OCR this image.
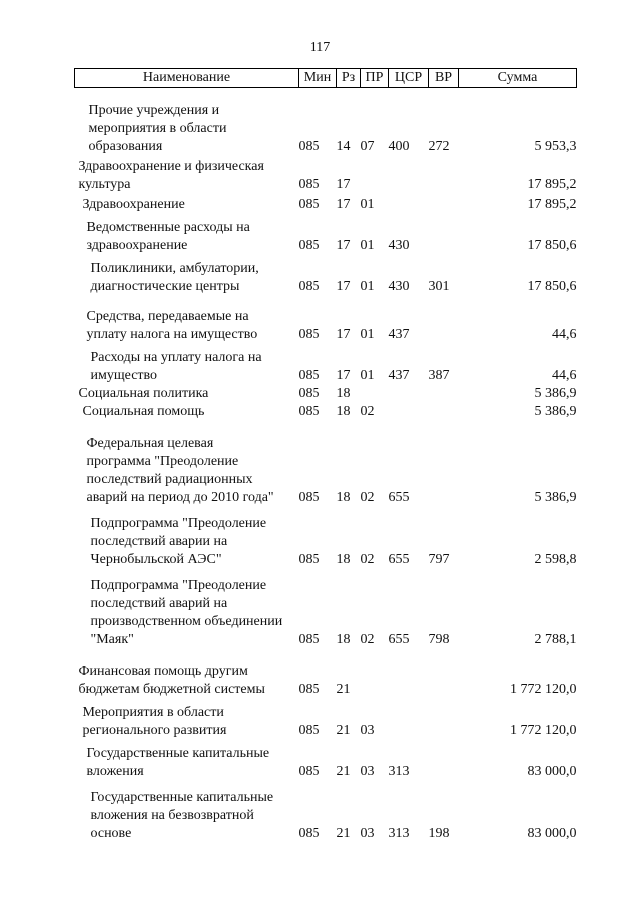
117
Наименование	Мин	Рз	ПР	ЦСР	ВР	Сумма

Прочие учреждения и
мероприятия в области
образования	085	14	07	400	272	5 953,3

Здравоохранение и физическая
культура	085	17				17 895,2

Здравоохранение	085	17	01			17 895,2

Ведомственные расходы на
здравоохранение	085	17	01	430		17 850,6

Поликлиники, амбулатории,
диагностические центры	085	17	01	430	301	17 850,6

Средства, передаваемые на
уплату налога на имущество	085	17	01	437		44,6

Расходы на уплату налога на
имущество	085	17	01	437	387	44,6

Социальная политика	085	18				5 386,9

Социальная помощь	085	18	02			5 386,9

Федеральная целевая
программа "Преодоление
последствий радиационных
аварий на период до 2010 года"	085	18	02	655		5 386,9

Подпрограмма "Преодоление
последствий аварии на
Чернобыльской АЭС"	085	18	02	655	797	2 598,8

Подпрограмма "Преодоление
последствий аварий на
производственном объединении
"Маяк"	085	18	02	655	798	2 788,1

Финансовая помощь другим
бюджетам бюджетной системы	085	21				1 772 120,0

Мероприятия в области
регионального развития	085	21	03			1 772 120,0

Государственные капитальные
вложения	085	21	03	313		83 000,0

Государственные капитальные
вложения на безвозвратной
основе	085	21	03	313	198	83 000,0
